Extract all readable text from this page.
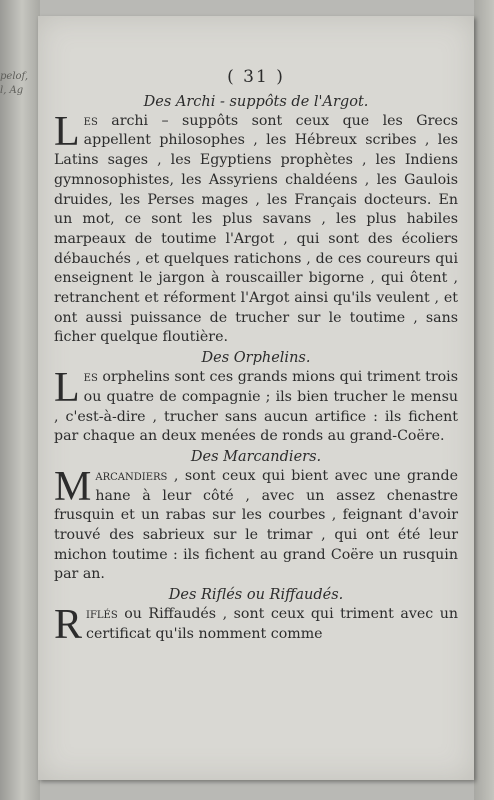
pelof,
l, Ag
( 31 )
Des Archi - suppôts de l'Argot.

Les archi – suppôts sont ceux que les Grecs appellent philosophes , les Hébreux scribes , les Latins sages , les Egyptiens prophètes , les Indiens gymnosophistes, les Assyriens chaldéens , les Gaulois druides, les Perses mages , les Français docteurs. En un mot, ce sont les plus savans , les plus habiles marpeaux de toutime l'Argot , qui sont des écoliers débauchés , et quelques ratichons , de ces coureurs qui enseignent le jargon à rouscailler bigorne , qui ôtent , retranchent et réforment l'Argot ainsi qu'ils veulent , et ont aussi puissance de trucher sur le toutime , sans ficher quelque floutière.

Des Orphelins.

Les orphelins sont ces grands mions qui triment trois ou quatre de compagnie ; ils bien trucher le mensu , c'est-à-dire , trucher sans aucun artifice : ils fichent par chaque an deux menées de ronds au grand-Coëre.

Des Marcandiers.

Marcandiers , sont ceux qui bient avec une grande hane à leur côté , avec un assez chenastre frusquin et un rabas sur les courbes , feignant d'avoir trouvé des sabrieux sur le trimar , qui ont été leur michon toutime : ils fichent au grand Coëre un rusquin par an.

Des Riflés ou Riffaudés.

Riflés ou Riffaudés , sont ceux qui triment avec un certificat qu'ils nomment comme
